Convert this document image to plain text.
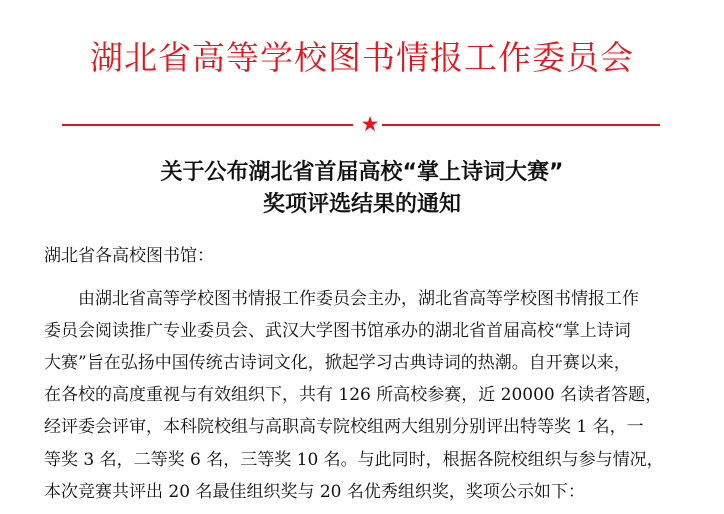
湖北省高等学校图书情报工作委员会
★
关于公布湖北省首届高校“掌上诗词大赛”
奖项评选结果的通知
湖北省各高校图书馆：
由湖北省高等学校图书情报工作委员会主办，湖北省高等学校图书情报工作
委员会阅读推广专业委员会、武汉大学图书馆承办的湖北省首届高校“掌上诗词
大赛”旨在弘扬中国传统古诗词文化，掀起学习古典诗词的热潮。自开赛以来，
在各校的高度重视与有效组织下，共有 126 所高校参赛，近 20000 名读者答题，
经评委会评审，本科院校组与高职高专院校组两大组别分别评出特等奖 1 名，一
等奖 3 名，二等奖 6 名，三等奖 10 名。与此同时，根据各院校组织与参与情况，
本次竞赛共评出 20 名最佳组织奖与 20 名优秀组织奖，奖项公示如下：
